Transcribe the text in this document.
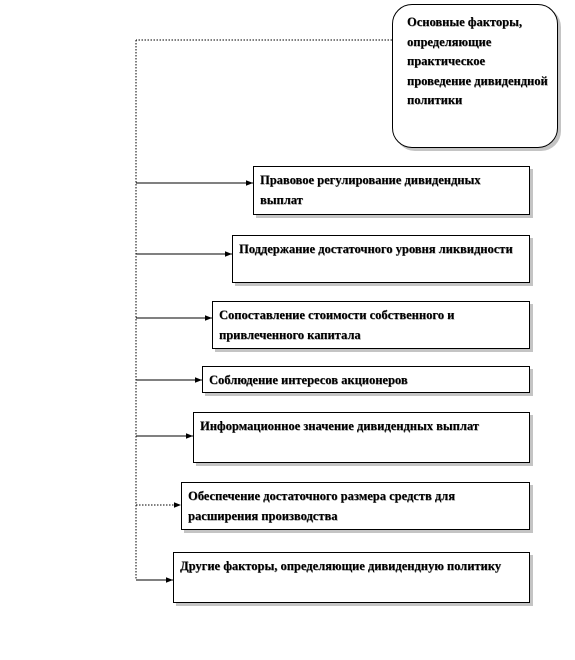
Основные факторы, определяющие практическое проведение дивидендной политики
Правовое регулирование дивидендных выплат
Поддержание достаточного уровня ликвидности
Сопоставление стоимости собственного и привлеченного капитала
Соблюдение интересов акционеров
Информационное значение дивидендных выплат
Обеспечение достаточного размера средств для расширения производства
Другие факторы, определяющие дивидендную политику
